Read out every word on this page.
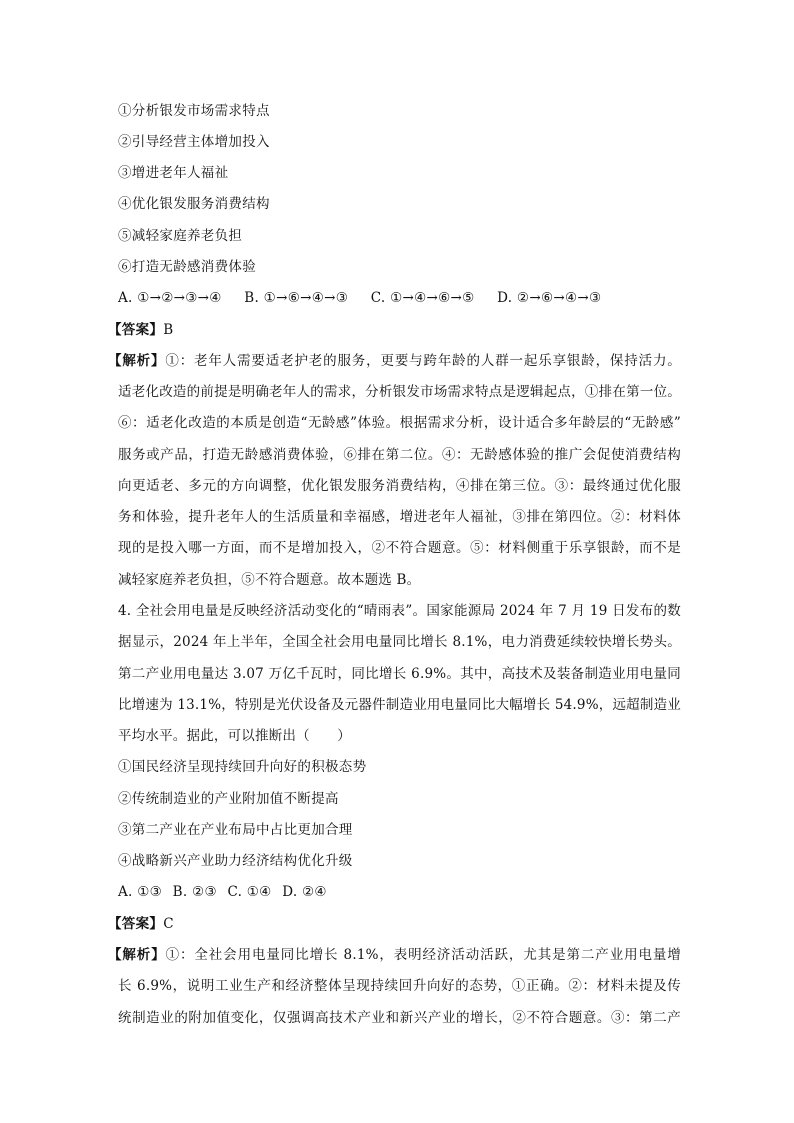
①分析银发市场需求特点
②引导经营主体增加投入
③增进老年人福祉
④优化银发服务消费结构
⑤减轻家庭养老负担
⑥打造无龄感消费体验
A. ①→②→③→④ B. ①→⑥→④→③ C. ①→④→⑥→⑤ D. ②→⑥→④→③
【答案】B
【解析】①：老年人需要适老护老的服务，更要与跨年龄的人群一起乐享银龄，保持活力。
适老化改造的前提是明确老年人的需求，分析银发市场需求特点是逻辑起点，①排在第一位。
⑥：适老化改造的本质是创造“无龄感”体验。根据需求分析，设计适合多年龄层的“无龄感”
服务或产品，打造无龄感消费体验，⑥排在第二位。④：无龄感体验的推广会促使消费结构
向更适老、多元的方向调整，优化银发服务消费结构，④排在第三位。③：最终通过优化服
务和体验，提升老年人的生活质量和幸福感，增进老年人福祉，③排在第四位。②：材料体
现的是投入哪一方面，而不是增加投入，②不符合题意。⑤：材料侧重于乐享银龄，而不是
减轻家庭养老负担，⑤不符合题意。故本题选 B。
4. 全社会用电量是反映经济活动变化的“晴雨表”。国家能源局 2024 年 7 月 19 日发布的数
据显示，2024 年上半年，全国全社会用电量同比增长 8.1%，电力消费延续较快增长势头。
第二产业用电量达 3.07 万亿千瓦时，同比增长 6.9%。其中，高技术及装备制造业用电量同
比增速为 13.1%，特别是光伏设备及元器件制造业用电量同比大幅增长 54.9%，远超制造业
平均水平。据此，可以推断出（　　）
①国民经济呈现持续回升向好的积极态势
②传统制造业的产业附加值不断提高
③第二产业在产业布局中占比更加合理
④战略新兴产业助力经济结构优化升级
A. ①③ B. ②③ C. ①④ D. ②④
【答案】C
【解析】①：全社会用电量同比增长 8.1%，表明经济活动活跃，尤其是第二产业用电量增
长 6.9%，说明工业生产和经济整体呈现持续回升向好的态势，①正确。②：材料未提及传
统制造业的附加值变化，仅强调高技术产业和新兴产业的增长，②不符合题意。③：第二产
